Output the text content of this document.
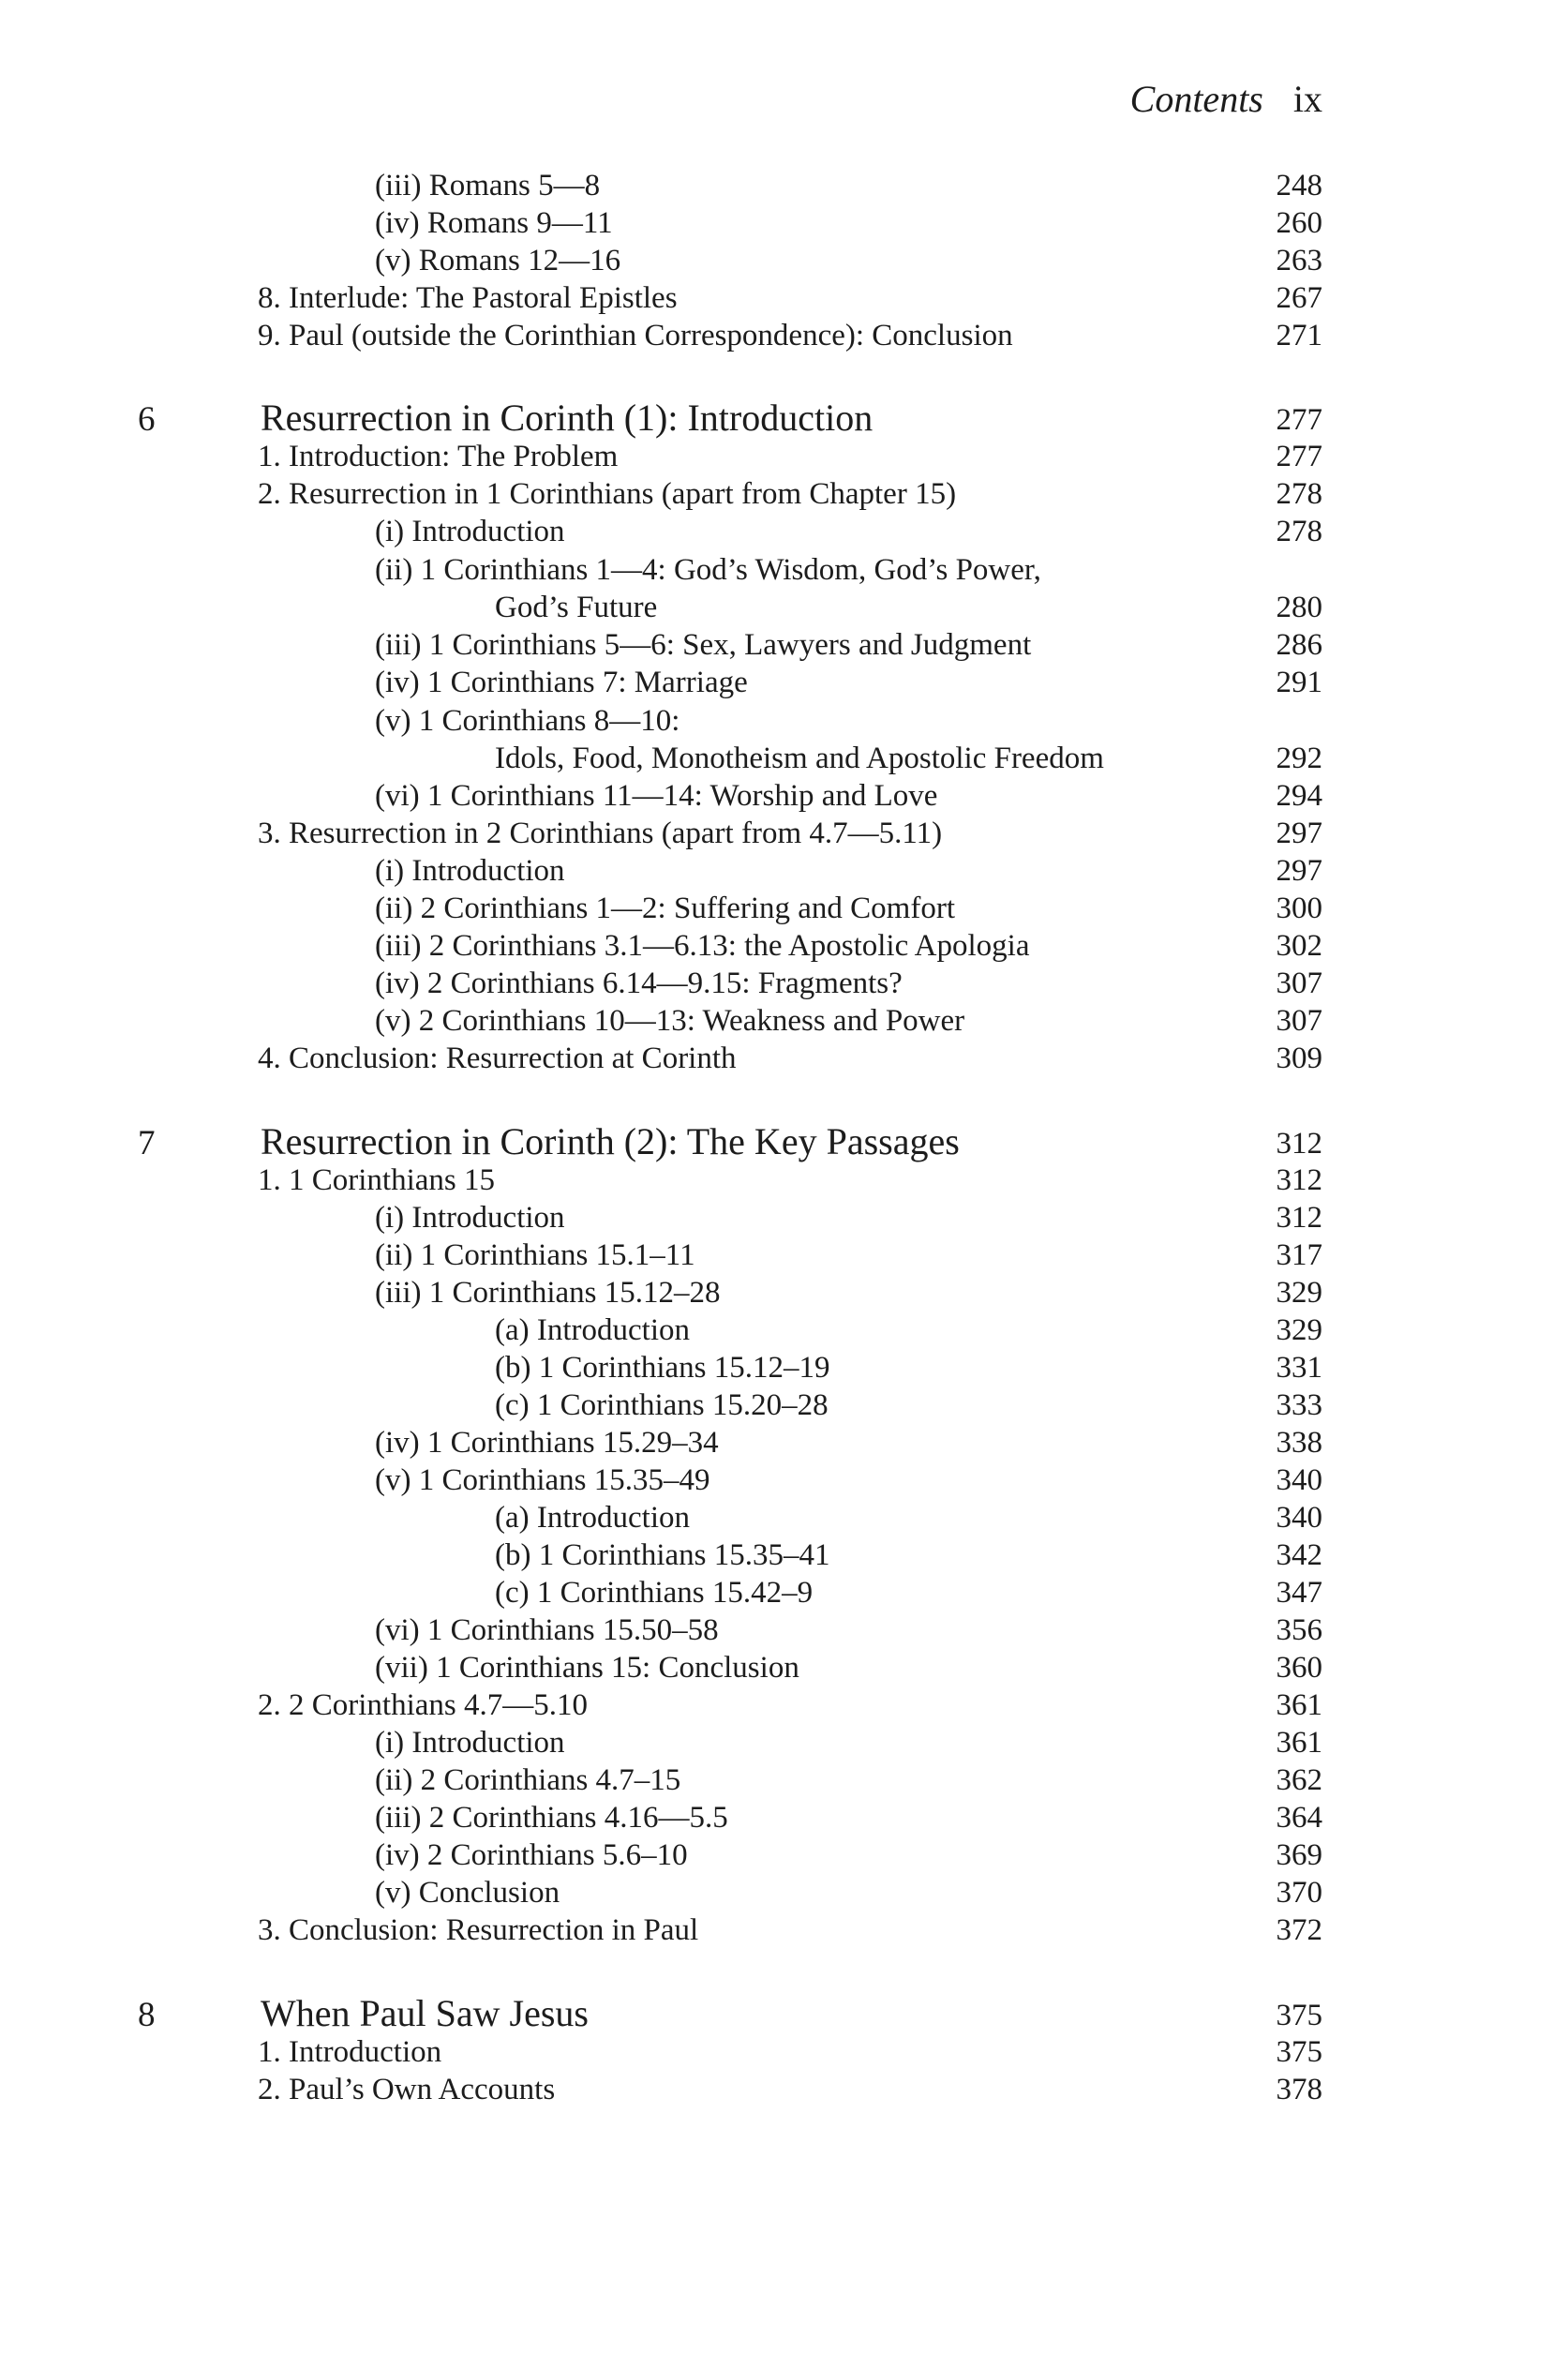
Contents ix
(iii) Romans 5—8	248
(iv) Romans 9—11	260
(v) Romans 12—16	263
8. Interlude: The Pastoral Epistles	267
9. Paul (outside the Corinthian Correspondence): Conclusion	271
6	Resurrection in Corinth (1): Introduction	277
1. Introduction: The Problem	277
2. Resurrection in 1 Corinthians (apart from Chapter 15)	278
(i) Introduction	278
(ii) 1 Corinthians 1—4: God’s Wisdom, God’s Power,
God’s Future	280
(iii) 1 Corinthians 5—6: Sex, Lawyers and Judgment	286
(iv) 1 Corinthians 7: Marriage	291
(v) 1 Corinthians 8—10:
Idols, Food, Monotheism and Apostolic Freedom	292
(vi) 1 Corinthians 11—14: Worship and Love	294
3. Resurrection in 2 Corinthians (apart from 4.7—5.11)	297
(i) Introduction	297
(ii) 2 Corinthians 1—2: Suffering and Comfort	300
(iii) 2 Corinthians 3.1—6.13: the Apostolic Apologia	302
(iv) 2 Corinthians 6.14—9.15: Fragments?	307
(v) 2 Corinthians 10—13: Weakness and Power	307
4. Conclusion: Resurrection at Corinth	309
7	Resurrection in Corinth (2): The Key Passages	312
1. 1 Corinthians 15	312
(i) Introduction	312
(ii) 1 Corinthians 15.1–11	317
(iii) 1 Corinthians 15.12–28	329
(a) Introduction	329
(b) 1 Corinthians 15.12–19	331
(c) 1 Corinthians 15.20–28	333
(iv) 1 Corinthians 15.29–34	338
(v) 1 Corinthians 15.35–49	340
(a) Introduction	340
(b) 1 Corinthians 15.35–41	342
(c) 1 Corinthians 15.42–9	347
(vi) 1 Corinthians 15.50–58	356
(vii) 1 Corinthians 15: Conclusion	360
2. 2 Corinthians 4.7—5.10	361
(i) Introduction	361
(ii) 2 Corinthians 4.7–15	362
(iii) 2 Corinthians 4.16—5.5	364
(iv) 2 Corinthians 5.6–10	369
(v) Conclusion	370
3. Conclusion: Resurrection in Paul	372
8	When Paul Saw Jesus	375
1. Introduction	375
2. Paul’s Own Accounts	378
